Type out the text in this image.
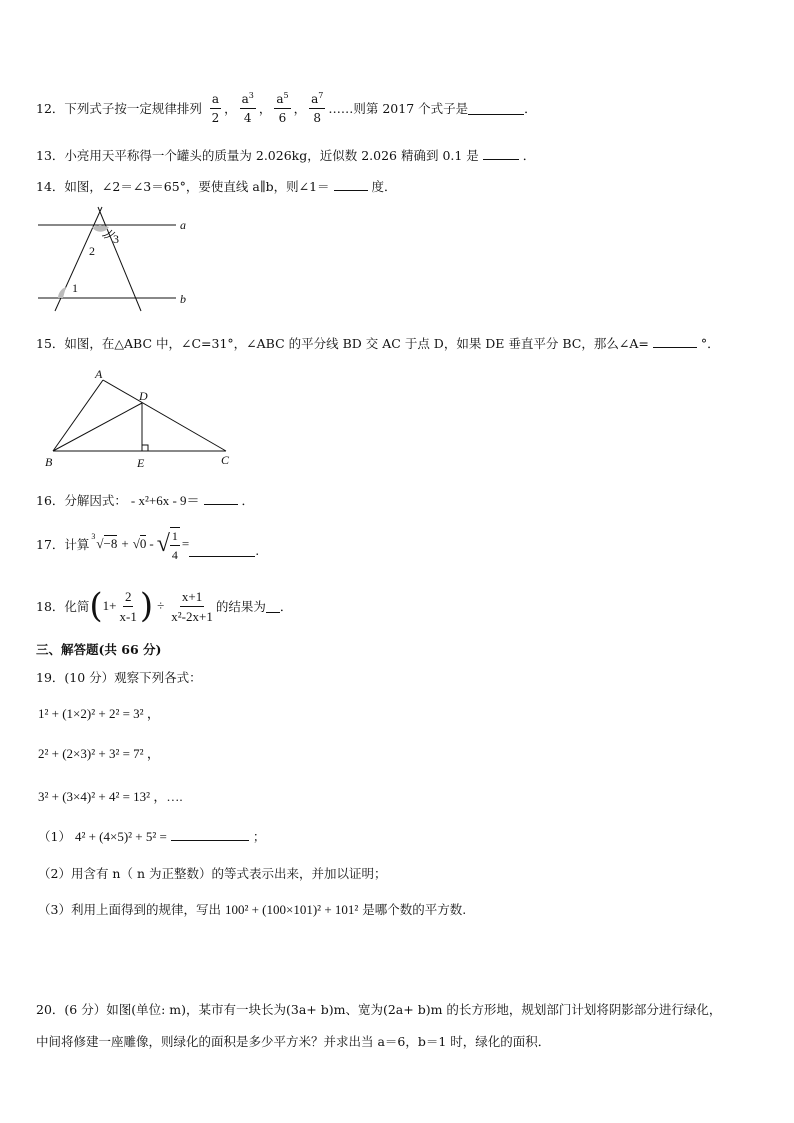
12．下列式子按一定规律排列 $\frac{a}{2}$ ， $\frac{a^3}{4}$ ， $\frac{a^5}{6}$ ， $\frac{a^7}{8}$ ……则第 2017 个式子是	．
13．小亮用天平称得一个罐头的质量为 2.026kg，近似数 2.026 精确到 0.1 是	．
14．如图，∠2＝∠3＝65°，要使直线 a∥b，则∠1＝	度．
a
b
3
2
1
15．如图，在△ABC 中，∠C=31°，∠ABC 的平分线 BD 交 AC 于点 D，如果 DE 垂直平分 BC，那么∠A=	°．
A
D
B	E	C
16．分解因式： - x²+6x - 9＝	．
17．计算
3 √−8 + √0 - √ $\frac{1}{4}$ =	.
18．化简 ( $1+ \frac{2}{x-1}$ ) ÷ $\frac{x+1}{\text{x²-2x+1}}$ 的结果为 ．
三、解答题(共 66 分)
19．(10 分）观察下列各式：
1² + (1×2)² + 2² = 3² ，
2² + (2×3)² + 3² = 7² ，
3² + (3×4)² + 4² = 13² ，….
（1） 4² + (4×5)² + 5² =	；
（2）用含有 n（ n 为正整数）的等式表示出来，并加以证明；
（3）利用上面得到的规律，写出 100² + (100×101)² + 101² 是哪个数的平方数.
20．(6 分）如图(单位: m)，某市有一块长为(3a+ b)m、宽为(2a+ b)m 的长方形地，规划部门计划将阴影部分进行绿化，
中间将修建一座雕像，则绿化的面积是多少平方米？并求出当 a＝6，b＝1 时，绿化的面积．
